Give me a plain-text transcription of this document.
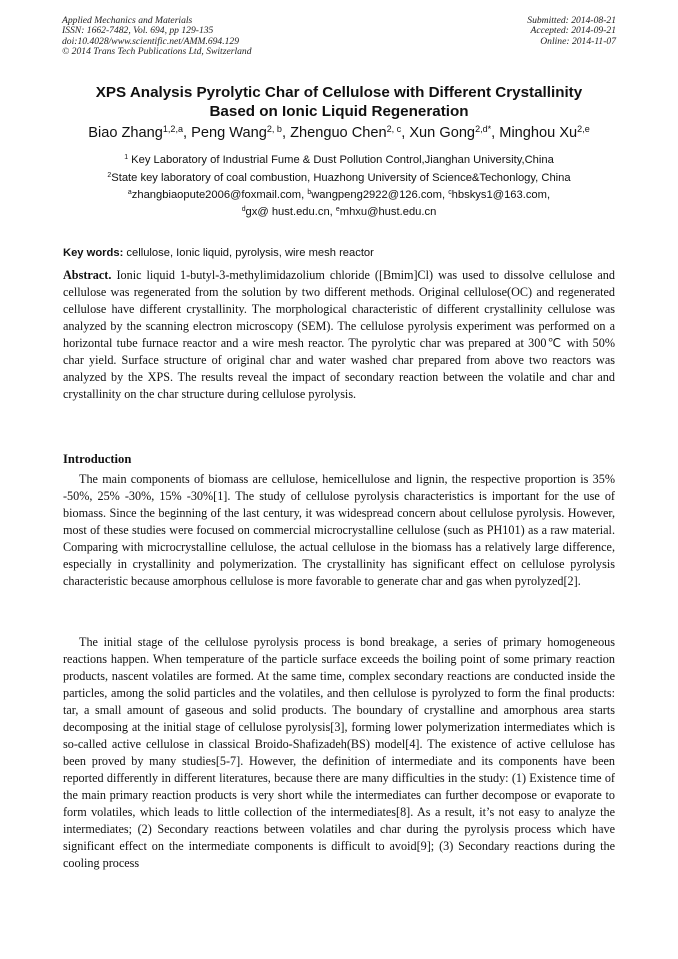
Applied Mechanics and Materials
ISSN: 1662-7482, Vol. 694, pp 129-135
doi:10.4028/www.scientific.net/AMM.694.129
© 2014 Trans Tech Publications Ltd, Switzerland
Submitted: 2014-08-21
Accepted: 2014-09-21
Online: 2014-11-07
XPS Analysis Pyrolytic Char of Cellulose with Different Crystallinity
Based on Ionic Liquid Regeneration
Biao Zhang$^{1,2,a}$, Peng Wang$^{2, b}$, Zhenguo Chen$^{2, c}$, Xun Gong$^{2,d*}$, Minghou Xu$^{2,e}$
$^1$ Key Laboratory of Industrial Fume & Dust Pollution Control,Jianghan University,China
$^2$State key laboratory of coal combustion, Huazhong University of Science&Techonlogy, China
$^a$zhangbiaopute2006@foxmail.com, $^b$wangpeng2922@126.com, $^c$hbskys1@163.com,
$^d$gx@ hust.edu.cn, $^e$mhxu@hust.edu.cn
Key words: cellulose, Ionic liquid, pyrolysis, wire mesh reactor

Abstract. Ionic liquid 1-butyl-3-methylimidazolium chloride ([Bmim]Cl) was used to dissolve cellulose and cellulose was regenerated from the solution by two different methods. Original cellulose(OC) and regenerated cellulose have different crystallinity. The morphological characteristic of different crystallinity cellulose was analyzed by the scanning electron microscopy (SEM). The cellulose pyrolysis experiment was performed on a horizontal tube furnace reactor and a wire mesh reactor. The pyrolytic char was prepared at 300℃ with 50% char yield. Surface structure of original char and water washed char prepared from above two reactors was analyzed by the XPS. The results reveal the impact of secondary reaction between the volatile and char and crystallinity on the char structure during cellulose pyrolysis.

Introduction

The main components of biomass are cellulose, hemicellulose and lignin, the respective proportion is 35% -50%, 25% -30%, 15% -30%[1]. The study of cellulose pyrolysis characteristics is important for the use of biomass. Since the beginning of the last century, it was widespread concern about cellulose pyrolysis. However, most of these studies were focused on commercial microcrystalline cellulose (such as PH101) as a raw material. Comparing with microcrystalline cellulose, the actual cellulose in the biomass has a relatively large difference, especially in crystallinity and polymerization. The crystallinity has significant effect on cellulose pyrolysis characteristic because amorphous cellulose is more favorable to generate char and gas when pyrolyzed[2].

The initial stage of the cellulose pyrolysis process is bond breakage, a series of primary homogeneous reactions happen. When temperature of the particle surface exceeds the boiling point of some primary reaction products, nascent volatiles are formed. At the same time, complex secondary reactions are conducted inside the particles, among the solid particles and the volatiles, and then cellulose is pyrolyzed to form the final products: tar, a small amount of gaseous and solid products. The boundary of crystalline and amorphous area starts decomposing at the initial stage of cellulose pyrolysis[3], forming lower polymerization intermediates which is so-called active cellulose in classical Broido-Shafizadeh(BS) model[4]. The existence of active cellulose has been proved by many studies[5-7]. However, the definition of intermediate and its components have been reported differently in different literatures, because there are many difficulties in the study: (1) Existence time of the main primary reaction products is very short while the intermediates can further decompose or evaporate to form volatiles, which leads to little collection of the intermediates[8]. As a result, it’s not easy to analyze the intermediates; (2) Secondary reactions between volatiles and char during the pyrolysis process which have significant effect on the intermediate components is difficult to avoid[9]; (3) Secondary reactions during the cooling process
